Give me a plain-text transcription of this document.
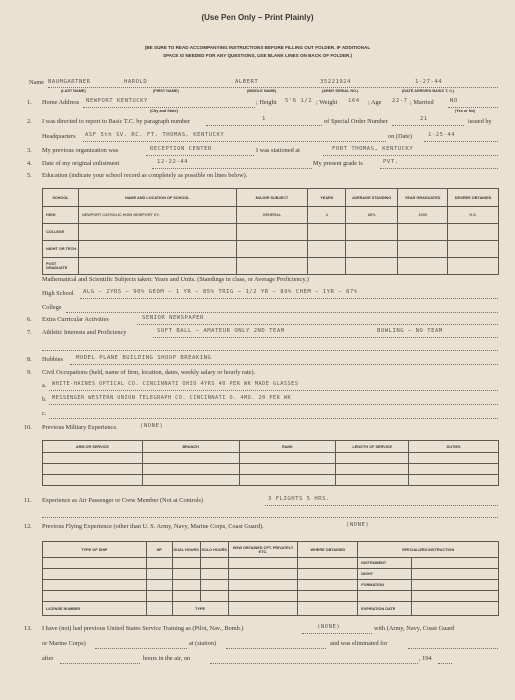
(Use Pen Only – Print Plainly)
(BE SURE TO READ ACCOMPANYING INSTRUCTIONS BEFORE FILLING OUT FOLDER. IF ADDITIONAL
SPACE IS NEEDED FOR ANY QUESTIONS, USE BLANK LINES ON BACK OF FOLDER.)
Name BAUMGARTNER	HAROLD	ALBERT	35221924	1-27-44
(LAST NAME)	(FIRST NAME)	(MIDDLE NAME)	(ARMY SERIAL NO.)	(DATE ARRIVED BASIC T. C.)
1. Home Address NEWPORT KENTUCKY	; Height 5'6 1/2 ; Weight 164 ; Age 22-7 ; Married	NO
(City and State)	(Yes or No)
2. I was directed to report to Basic T.C. by paragraph number	1	of Special Order Number	21	issued by
Headquarters ASF 5th SV. RC. FT. THOMAS, KENTUCKY	on (Date)	1-25-44
3. My previous organization was	RECEPTION CENTER	I was stationed at	FORT THOMAS, KENTUCKY
4. Date of my original enlistment	12-22-44	My present grade is	PVT.
5. Education (indicate your school record as completely as possible on lines below).
SCHOOL	NAME AND LOCATION OF SCHOOL	MAJOR SUBJECT	YEARS	AVERAGE STANDING	YEAR GRADUATED	DEGREE OBTAINED
HIGH	NEWPORT CATHOLIC HIGH NEWPORT KY.	GENERAL	4	88%	1939	H.S.
COLLEGE						
NIGHT OR TECH.						
POST GRADUATE						
Mathematical and Scientific Subjects taken: Years and Units. (Standings in class, or Average Proficiency.)
High School ALG – 2YRS – 90% GEOM – 1 YR – 85% TRIG – 1/2 YR – 89% CHEM – 1YR – 87%
College
6. Extra Curricular Activities	SENIOR NEWSPAPER
7. Athletic Interests and Proficiency	SOFT BALL – AMATEUR ONLY 2ND TEAM	BOWLING – NO TEAM
8. Hobbies MODEL PLANE BUILDING SHOOP BREAKING
9. Civil Occupations (held, name of firm, location, dates, weekly salary or hourly rate).
a. WHITE-HAINES OPTICAL CO. CINCINNATI OHIO 4YRS 40 PER WK MADE GLASSES
b. MESSENGER WESTERN UNION TELEGRAPH CO. CINCINNATI O. 4MO. 20 PER WK
c.
10. Previous Military Experience.	(NONE)
ARM OR SERVICE	BRANCH	RANK	LENGTH OF SERVICE	DUTIES

11. Experience as Air Passenger or Crew Member (Not at Controls)	3 FLIGHTS 5 HRS.
12. Previous Flying Experience (other than U. S. Army, Navy, Marine Corps, Coast Guard).	(NONE)
TYPE OF SHIP	HP	DUAL HOURS	SOLO HOURS	HOW OBTAINED CPT. PRIVATELY ETC.	WHERE OBTAINED	SPECIALIZED INSTRUCTION	
						INSTRUMENT	
						NIGHT	
						FORMATION	

LICENSE NUMBER		TYPE				EXPIRATION DATE	
13. I have (not) had previous United States Service Training as (Pilot, Nav., Bomb.)	(NONE)	with (Army, Navy, Coast Guard
or Marine Corps)	at (station)	and was eliminated for
after	hours in the air, on	, 194
